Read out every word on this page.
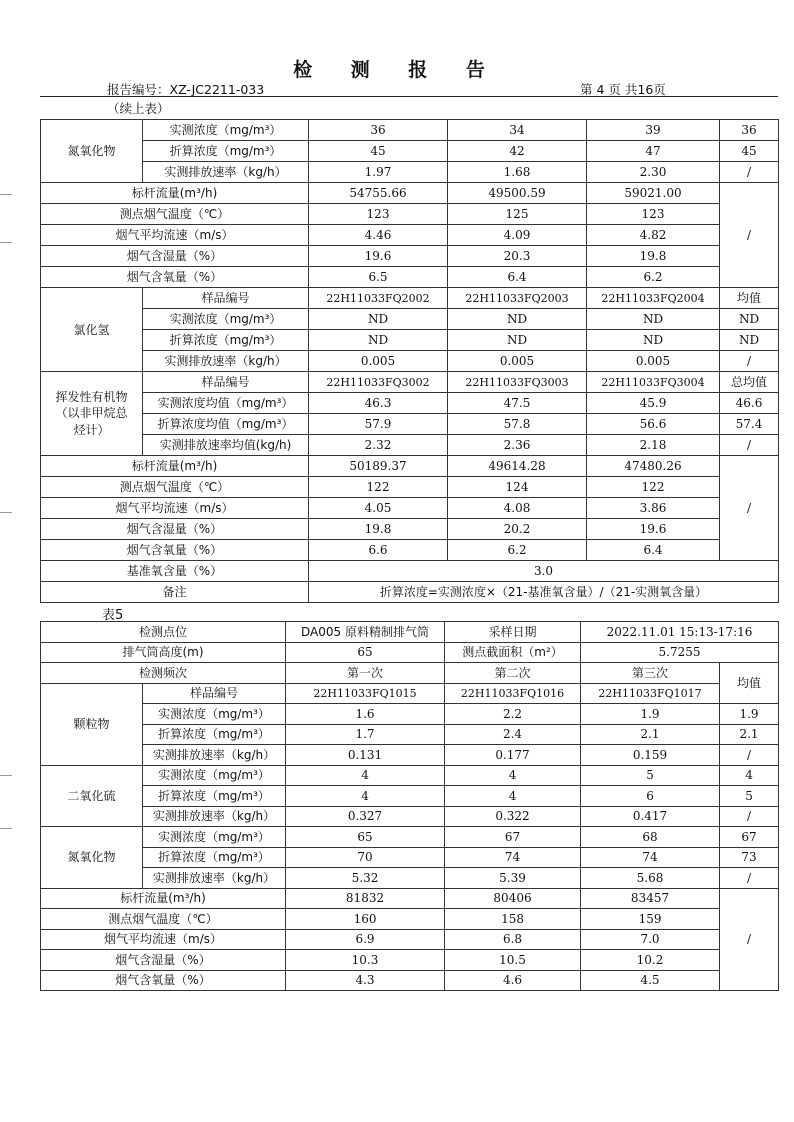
检 测 报 告
报告编号：XZ-JC2211-033	第 4 页 共16页
（续上表）
氮氧化物	实测浓度（mg/m³）	36	34	39	36
	折算浓度（mg/m³）	45	42	47	45
	实测排放速率（kg/h）	1.97	1.68	2.30	/
标杆流量(m³/h)		54755.66	49500.59	59021.00	/
测点烟气温度（℃）		123	125	123	
烟气平均流速（m/s）		4.46	4.09	4.82	
烟气含湿量（%）		19.6	20.3	19.8	
烟气含氧量（%）		6.5	6.4	6.2	
氯化氢	样品编号	22H11033FQ2002	22H11033FQ2003	22H11033FQ2004	均值
	实测浓度（mg/m³）	ND	ND	ND	ND
	折算浓度（mg/m³）	ND	ND	ND	ND
	实测排放速率（kg/h）	0.005	0.005	0.005	/
挥发性有机物
（以非甲烷总
烃计）	样品编号	22H11033FQ3002	22H11033FQ3003	22H11033FQ3004	总均值
	实测浓度均值（mg/m³）	46.3	47.5	45.9	46.6
	折算浓度均值（mg/m³）	57.9	57.8	56.6	57.4
	实测排放速率均值(kg/h)	2.32	2.36	2.18	/
标杆流量(m³/h)		50189.37	49614.28	47480.26	/
测点烟气温度（℃）		122	124	122	
烟气平均流速（m/s）		4.05	4.08	3.86	
烟气含湿量（%）		19.8	20.2	19.6	
烟气含氧量（%）		6.6	6.2	6.4	
基准氧含量（%）		3.0			
备注		折算浓度=实测浓度×（21-基准氧含量）/（21-实测氧含量）			
表5
检测点位		DA005 原料精制排气筒	采样日期	2022.11.01 15:13-17:16	
排气筒高度(m)		65	测点截面积（m²）	5.7255	
检测频次		第一次	第二次	第三次	均值
颗粒物	样品编号	22H11033FQ1015	22H11033FQ1016	22H11033FQ1017	
	实测浓度（mg/m³）	1.6	2.2	1.9	1.9
	折算浓度（mg/m³）	1.7	2.4	2.1	2.1
	实测排放速率（kg/h）	0.131	0.177	0.159	/
二氧化硫	实测浓度（mg/m³）	4	4	5	4
	折算浓度（mg/m³）	4	4	6	5
	实测排放速率（kg/h）	0.327	0.322	0.417	/
氮氧化物	实测浓度（mg/m³）	65	67	68	67
	折算浓度（mg/m³）	70	74	74	73
	实测排放速率（kg/h）	5.32	5.39	5.68	/
标杆流量(m³/h)		81832	80406	83457	/
测点烟气温度（℃）		160	158	159	
烟气平均流速（m/s）		6.9	6.8	7.0	
烟气含湿量（%）		10.3	10.5	10.2	
烟气含氧量（%）		4.3	4.6	4.5	
